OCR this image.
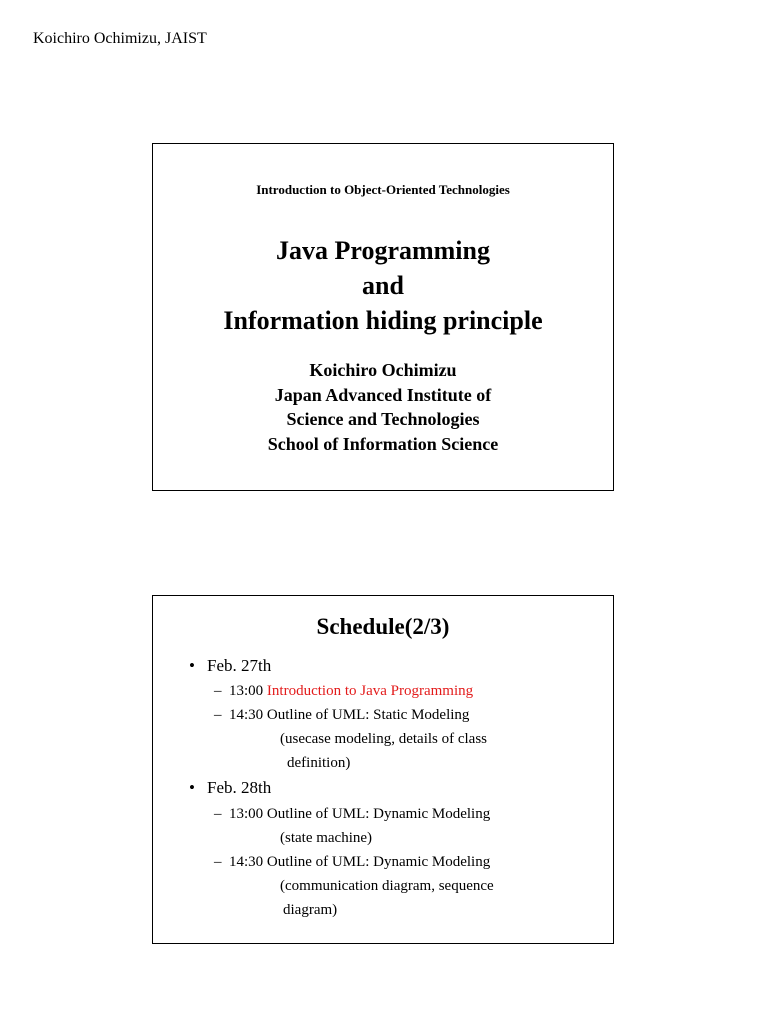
Koichiro Ochimizu, JAIST
Introduction to Object-Oriented Technologies
Java Programming
and
Information hiding principle
Koichiro Ochimizu
Japan Advanced Institute of
Science and Technologies
School of Information Science
Schedule(2/3)
• Feb. 27th
– 13:00 Introduction to Java Programming
– 14:30 Outline of UML: Static Modeling
(usecase modeling, details of class
definition)
• Feb. 28th
– 13:00 Outline of UML: Dynamic Modeling
(state machine)
– 14:30 Outline of UML: Dynamic Modeling
(communication diagram, sequence
diagram)
